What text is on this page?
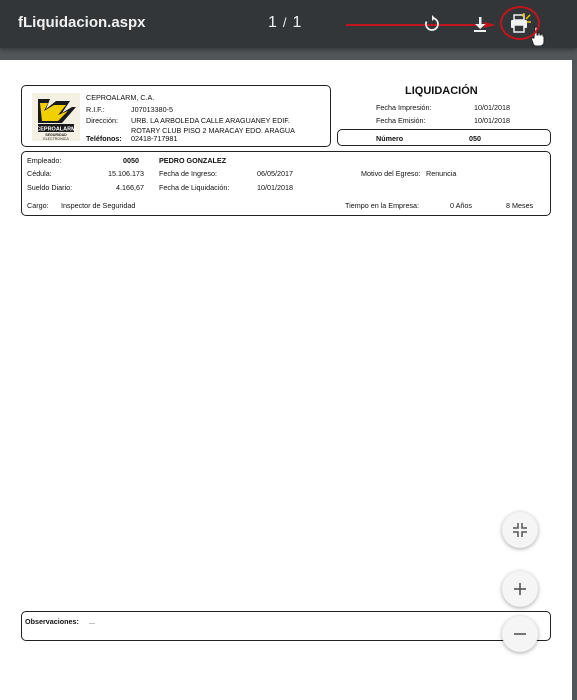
fLiquidacion.aspx	1 / 1
CEPROALARM
SEGURIDAD
ELECTRONICA
CEPROALARM, C.A.
R.I.F.:	J07013380-5
Dirección: URB. LA ARBOLEDA CALLE ARAGUANEY EDIF.
ROTARY CLUB PISO 2 MARACAY EDO. ARAGUA
Teléfonos: 02418-717981
LIQUIDACIÓN
Fecha Impresión:	10/01/2018
Fecha Emisión:	10/01/2018
Número	050
Empleado:	0050	PEDRO GONZALEZ
Cédula:	15.106.173 Fecha de Ingreso:	06/05/2017	Motivo del Egreso: Renuncia
Sueldo Diario:	4.166,67 Fecha de Liquidación:	10/01/2018
Cargo: Inspector de Seguridad	Tiempo en la Empresa:	0 Años	8 Meses
Observaciones: ...
